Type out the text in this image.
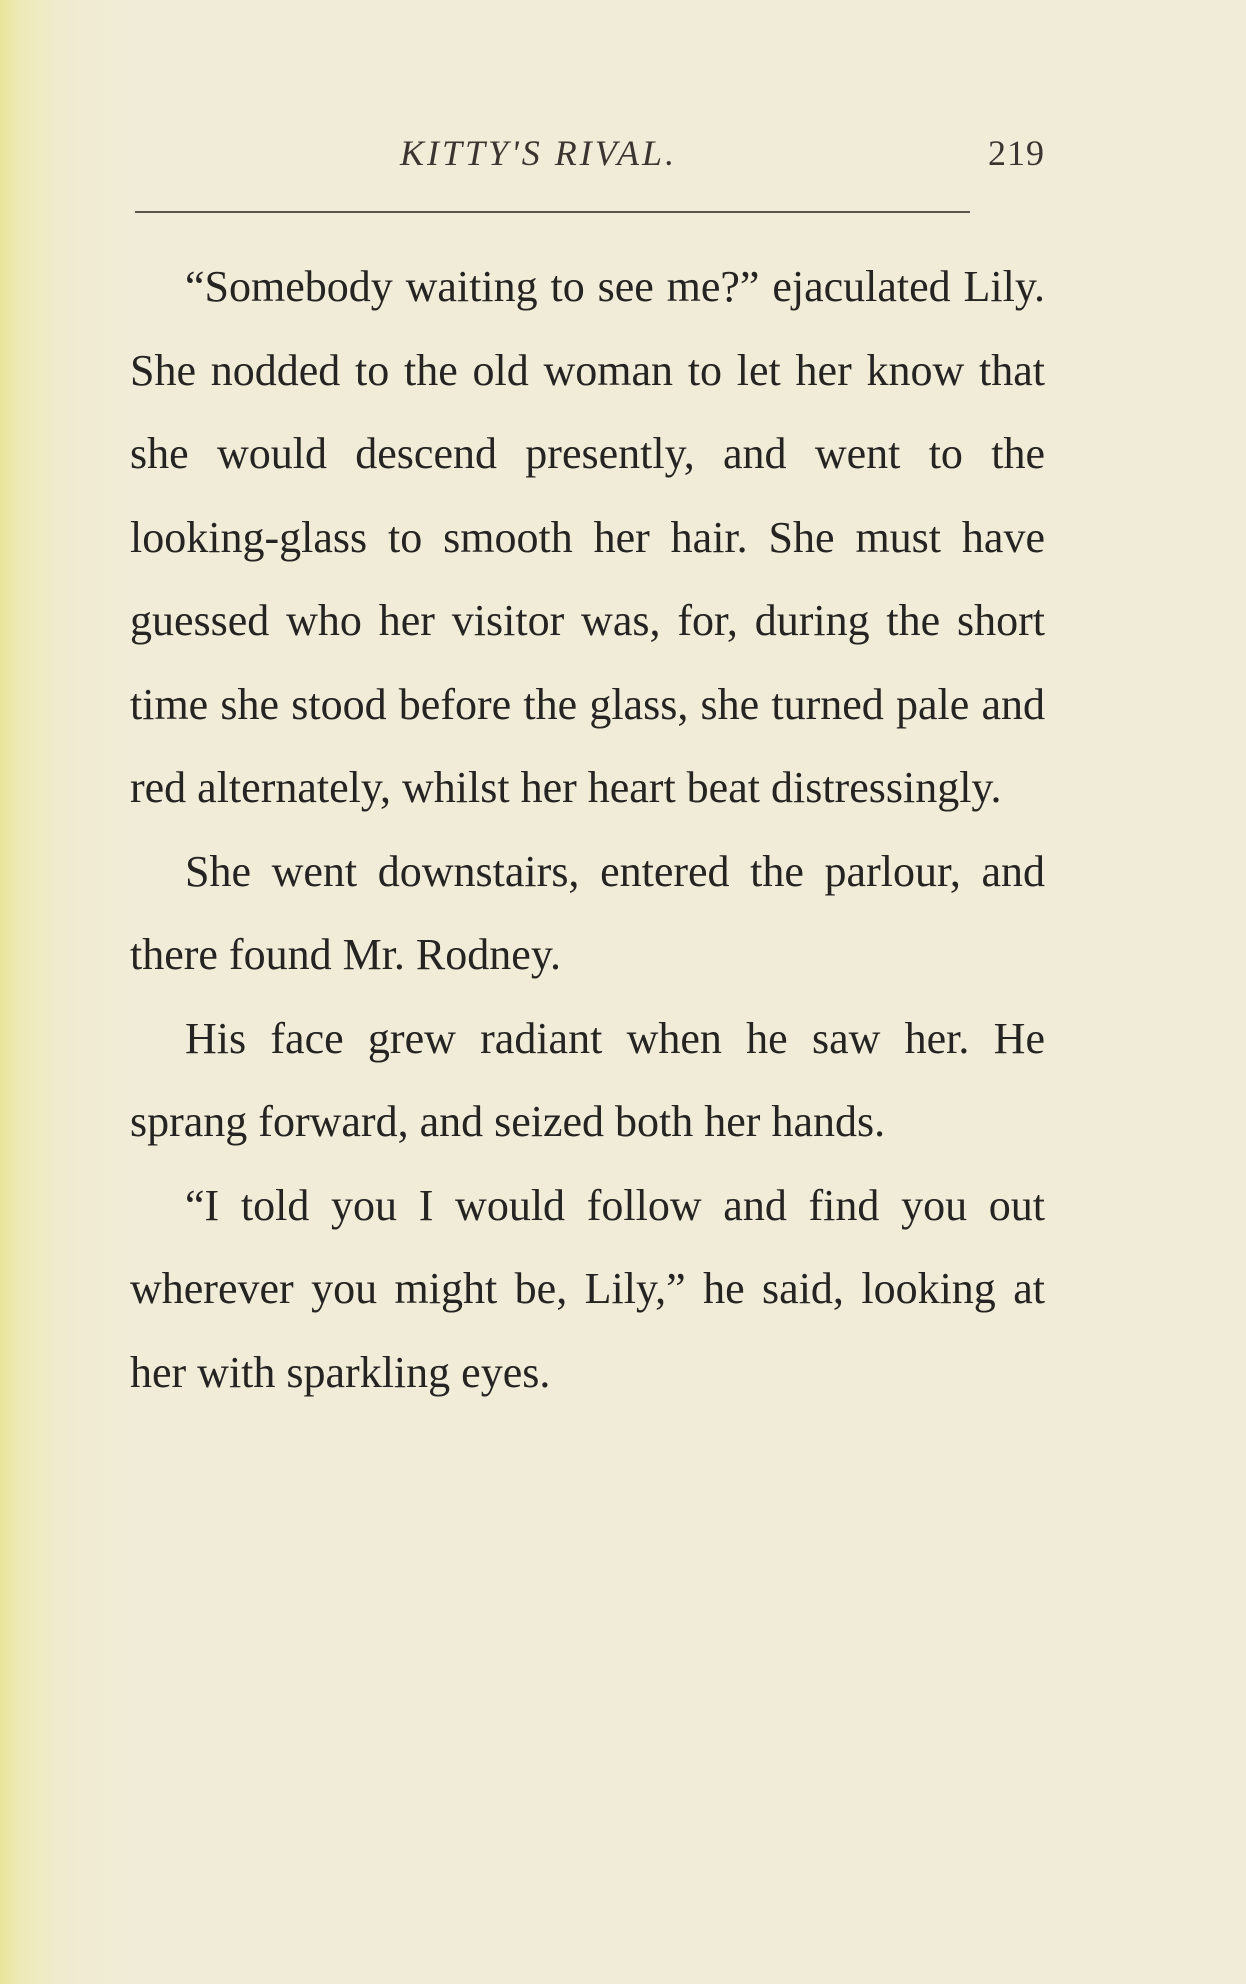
KITTY'S RIVAL.	219

“Somebody waiting to see me?” ejaculated Lily. She nodded to the old woman to let her know that she would descend presently, and went to the looking-glass to smooth her hair. She must have guessed who her visitor was, for, during the short time she stood before the glass, she turned pale and red alternately, whilst her heart beat distressingly.

She went downstairs, entered the parlour, and there found Mr. Rodney.

His face grew radiant when he saw her. He sprang forward, and seized both her hands.

“I told you I would follow and find you out wherever you might be, Lily,” he said, looking at her with sparkling eyes.
